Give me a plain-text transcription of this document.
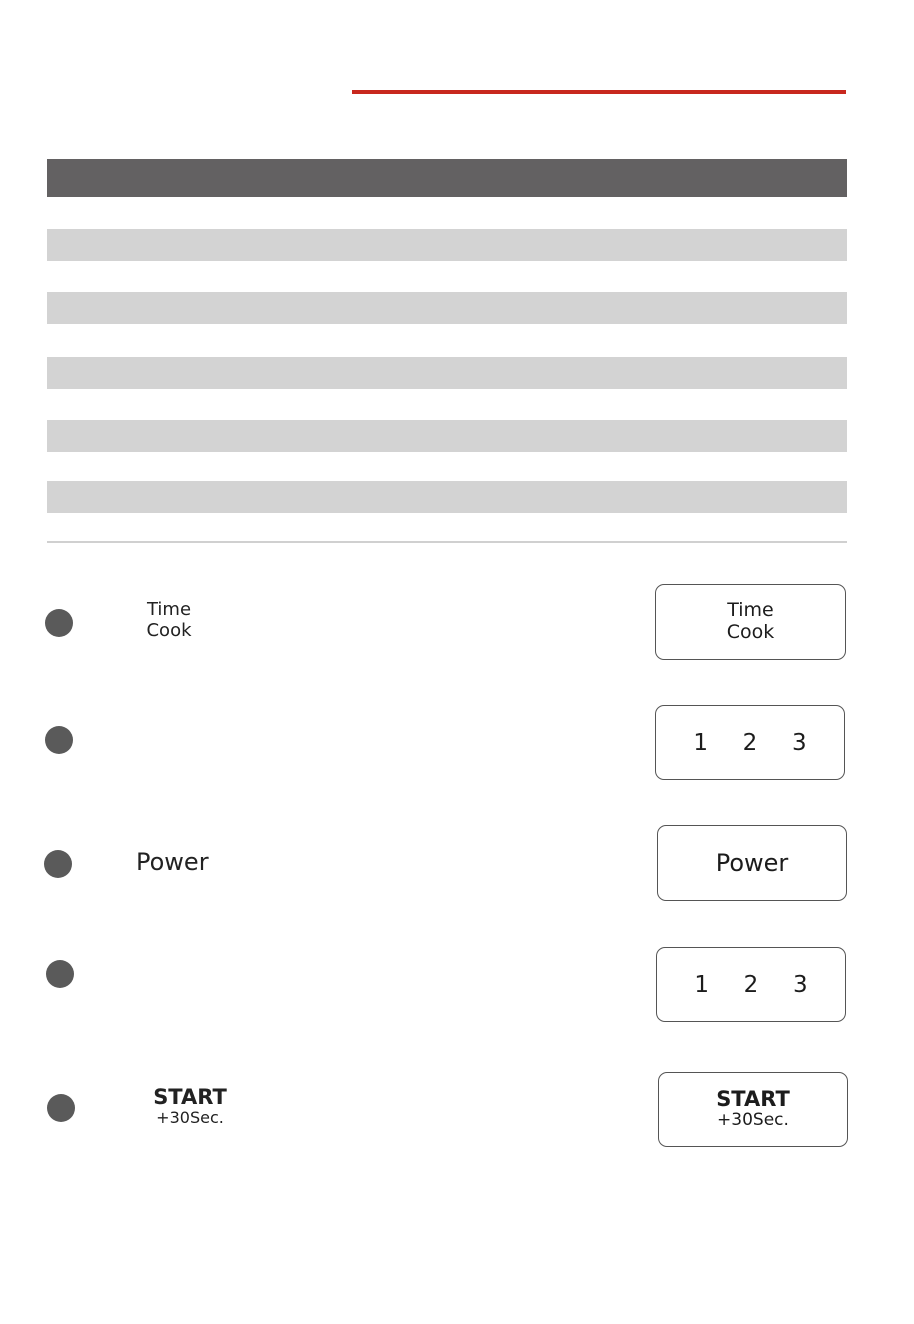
Time
Cook
Time
Cook
1 2 3
Power	Power
1 2 3
START
+30Sec.
START
+30Sec.
